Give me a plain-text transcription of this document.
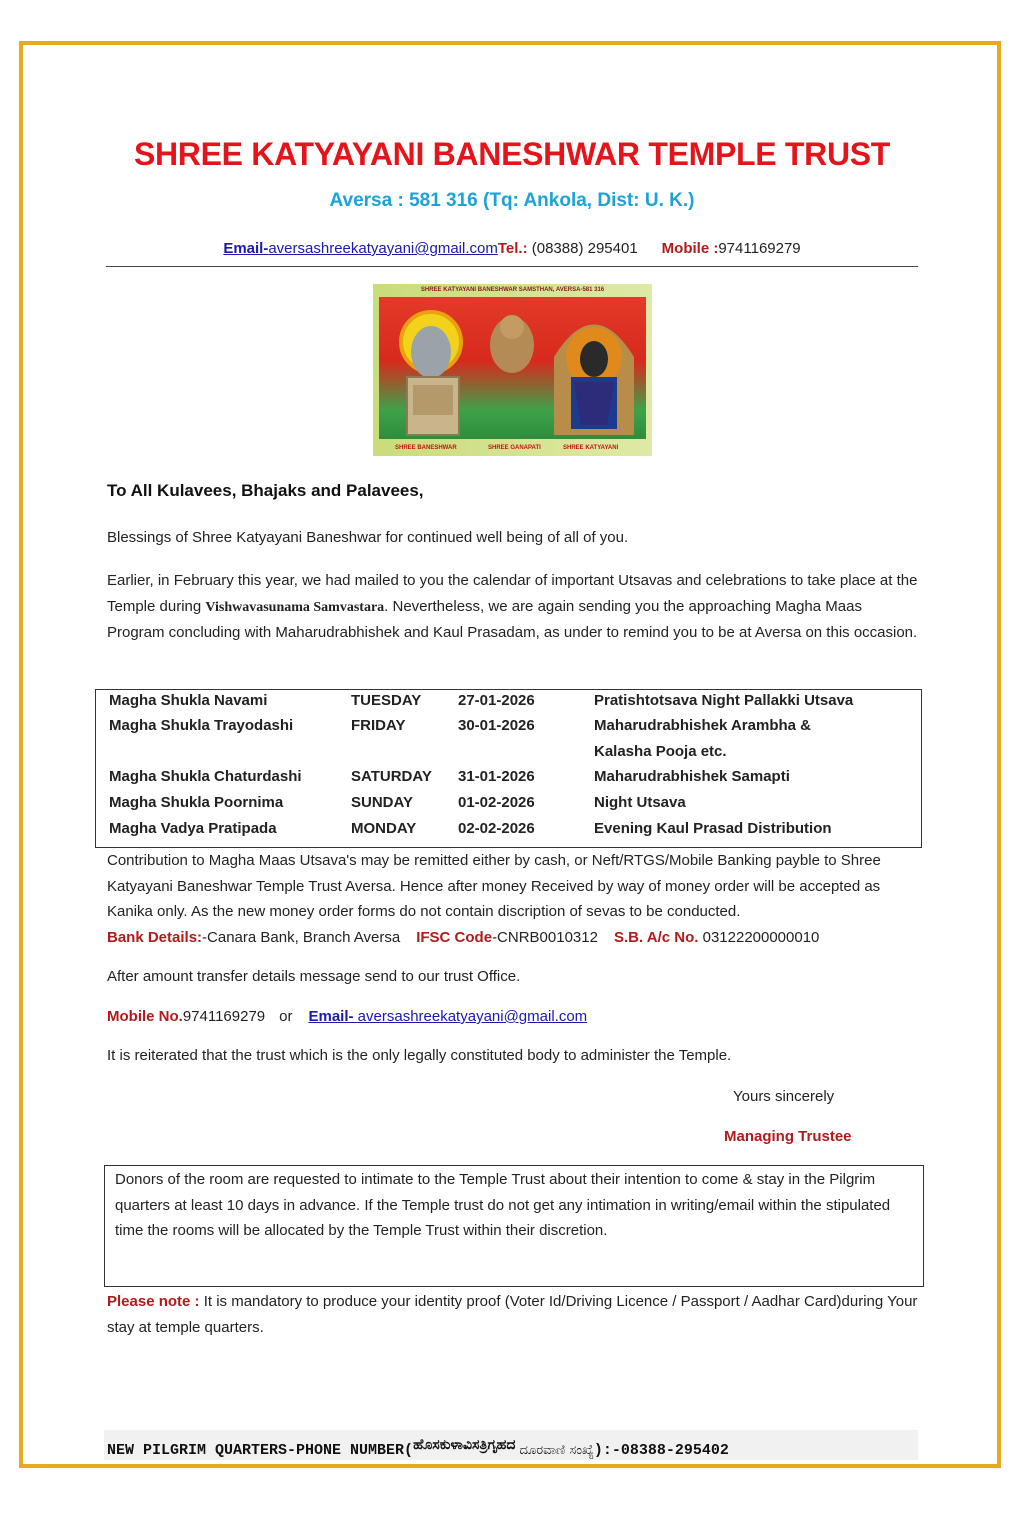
SHREE KATYAYANI BANESHWAR TEMPLE TRUST
Aversa : 581 316 (Tq: Ankola, Dist: U. K.)
Email-aversashreekatyayani@gmail.comTel.: (08388) 295401 Mobile :9741169279
SHREE KATYAYANI BANESHWAR SAMSTHAN, AVERSA-581 316
SHREE BANESHWAR	SHREE GANAPATI	SHREE KATYAYANI
To All Kulavees, Bhajaks and Palavees,
Blessings of Shree Katyayani Baneshwar for continued well being of all of you.
Earlier, in February this year, we had mailed to you the calendar of important Utsavas and celebrations to take place at the Temple during Vishwavasunama Samvastara. Nevertheless, we are again sending you the approaching Magha Maas Program concluding with Maharudrabhishek and Kaul Prasadam, as under to remind you to be at Aversa on this occasion.
Magha Shukla Navami	TUESDAY 27-01-2026	Pratishtotsava Night Pallakki Utsava
Magha Shukla Trayodashi	FRIDAY	30-01-2026	Maharudrabhishek Arambha &
Kalasha Pooja etc.
Magha Shukla Chaturdashi	SATURDAY 31-01-2026	Maharudrabhishek Samapti
Magha Shukla Poornima	SUNDAY	01-02-2026	Night Utsava
Magha Vadya Pratipada	MONDAY	02-02-2026	Evening Kaul Prasad Distribution
Contribution to Magha Maas Utsava's may be remitted either by cash, or Neft/RTGS/Mobile Banking payble to Shree Katyayani Baneshwar Temple Trust Aversa. Hence after money Received by way of money order will be accepted as Kanika only. As the new money order forms do not contain discription of sevas to be conducted.
Bank Details:-Canara Bank, Branch Aversa IFSC Code-CNRB0010312 S.B. A/c No. 03122200000010
After amount transfer details message send to our trust Office.
Mobile No.9741169279 or Email- aversashreekatyayani@gmail.com
It is reiterated that the trust which is the only legally constituted body to administer the Temple.
Yours sincerely
Managing Trustee
Donors of the room are requested to intimate to the Temple Trust about their intention to come & stay in the Pilgrim quarters at least 10 days in advance. If the Temple trust do not get any intimation in writing/email within the stipulated time the rooms will be allocated by the Temple Trust within their discretion.
Please note : It is mandatory to produce your identity proof (Voter Id/Driving Licence / Passport / Aadhar Card)during Your stay at temple quarters.
NEW PILGRIM QUARTERS-PHONE NUMBER(ಹೊಸಕುಳಾವಿಸತ್ರಿಗೃಹದ ದೂರವಾಣಿ ಸಂಖ್ಯೆ):-08388-295402
